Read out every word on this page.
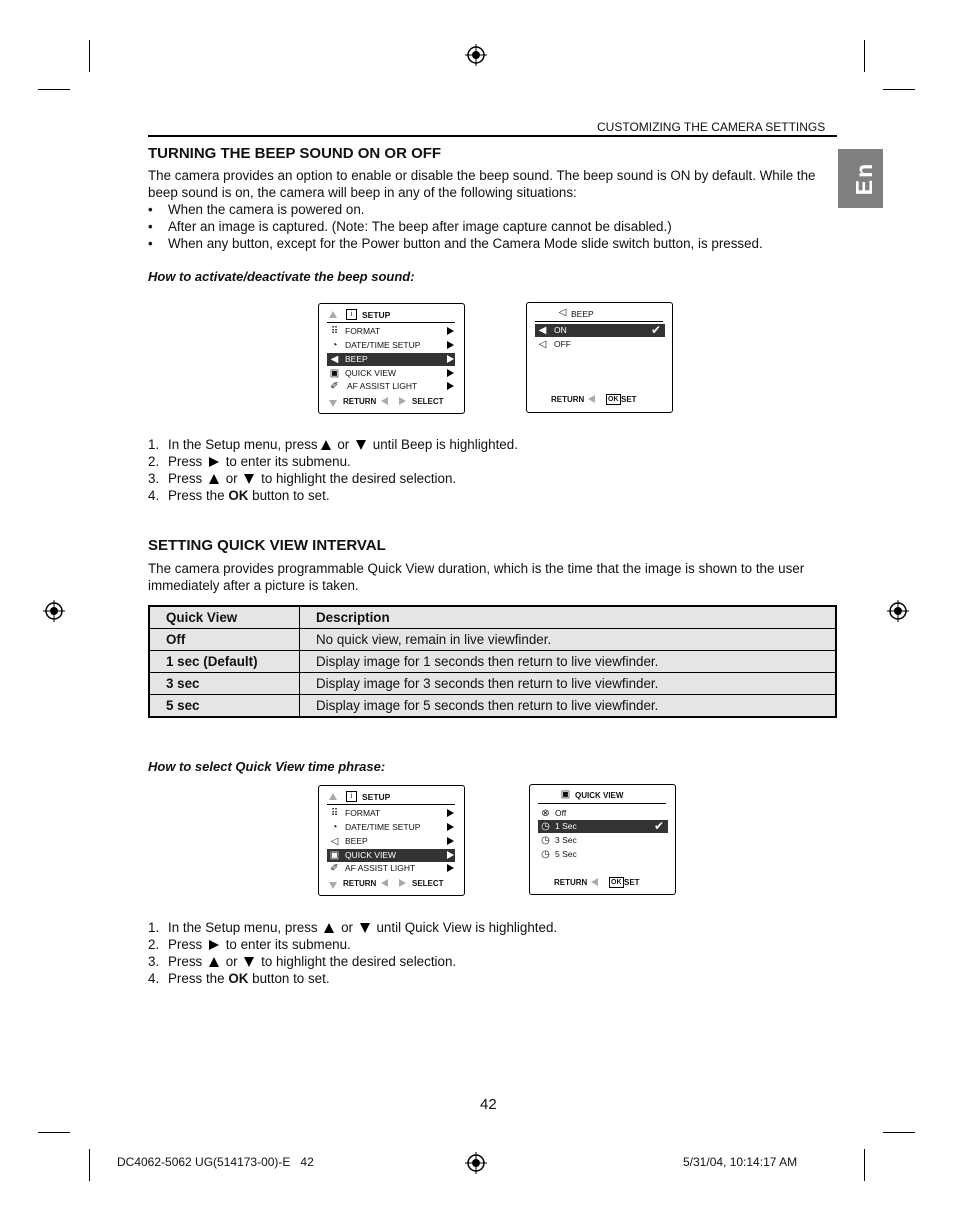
CUSTOMIZING THE CAMERA SETTINGS
En
TURNING THE BEEP SOUND ON OR OFF

The camera provides an option to enable or disable the beep sound. The beep sound is ON by default. While the beep sound is on, the camera will beep in any of the following situations:

• When the camera is powered on.
• After an image is captured. (Note: The beep after image capture cannot be disabled.)
• When any button, except for the Power button and the Camera Mode slide switch button, is pressed.
How to activate/deactivate the beep sound:
i	SETUP
⠿ FORMAT
◔ DATE/TIME SETUP
◀ BEEP
▣ QUICK VIEW
✐ AF ASSIST LIGHT
RETURN	SELECT
◁ BEEP
◀ ON	✔
◁ OFF
RETURN	OK SET
1. In the Setup menu, press or until Beep is highlighted.
2. Press to enter its submenu.
3. Press or to highlight the desired selection.
4. Press the OK button to set.
SETTING QUICK VIEW INTERVAL

The camera provides programmable Quick View duration, which is the time that the image is shown to the user immediately after a picture is taken.

Quick View	Description
Off	No quick view, remain in live viewfinder.
1 sec (Default)	Display image for 1 seconds then return to live viewfinder.
3 sec	Display image for 3 seconds then return to live viewfinder.
5 sec	Display image for 5 seconds then return to live viewfinder.
How to select Quick View time phrase:
i	SETUP
⠿ FORMAT
◔ DATE/TIME SETUP
◁ BEEP
▣ QUICK VIEW
✐ AF ASSIST LIGHT
RETURN	SELECT
▣ QUICK VIEW
⊗ Off
◷ 1 Sec	✔
◷ 3 Sec
◷ 5 Sec
RETURN	OK SET
1. In the Setup menu, press or until Quick View is highlighted.
2. Press to enter its submenu.
3. Press or to highlight the desired selection.
4. Press the OK button to set.
42
DC4062-5062 UG(514173-00)-E   42	5/31/04, 10:14:17 AM
